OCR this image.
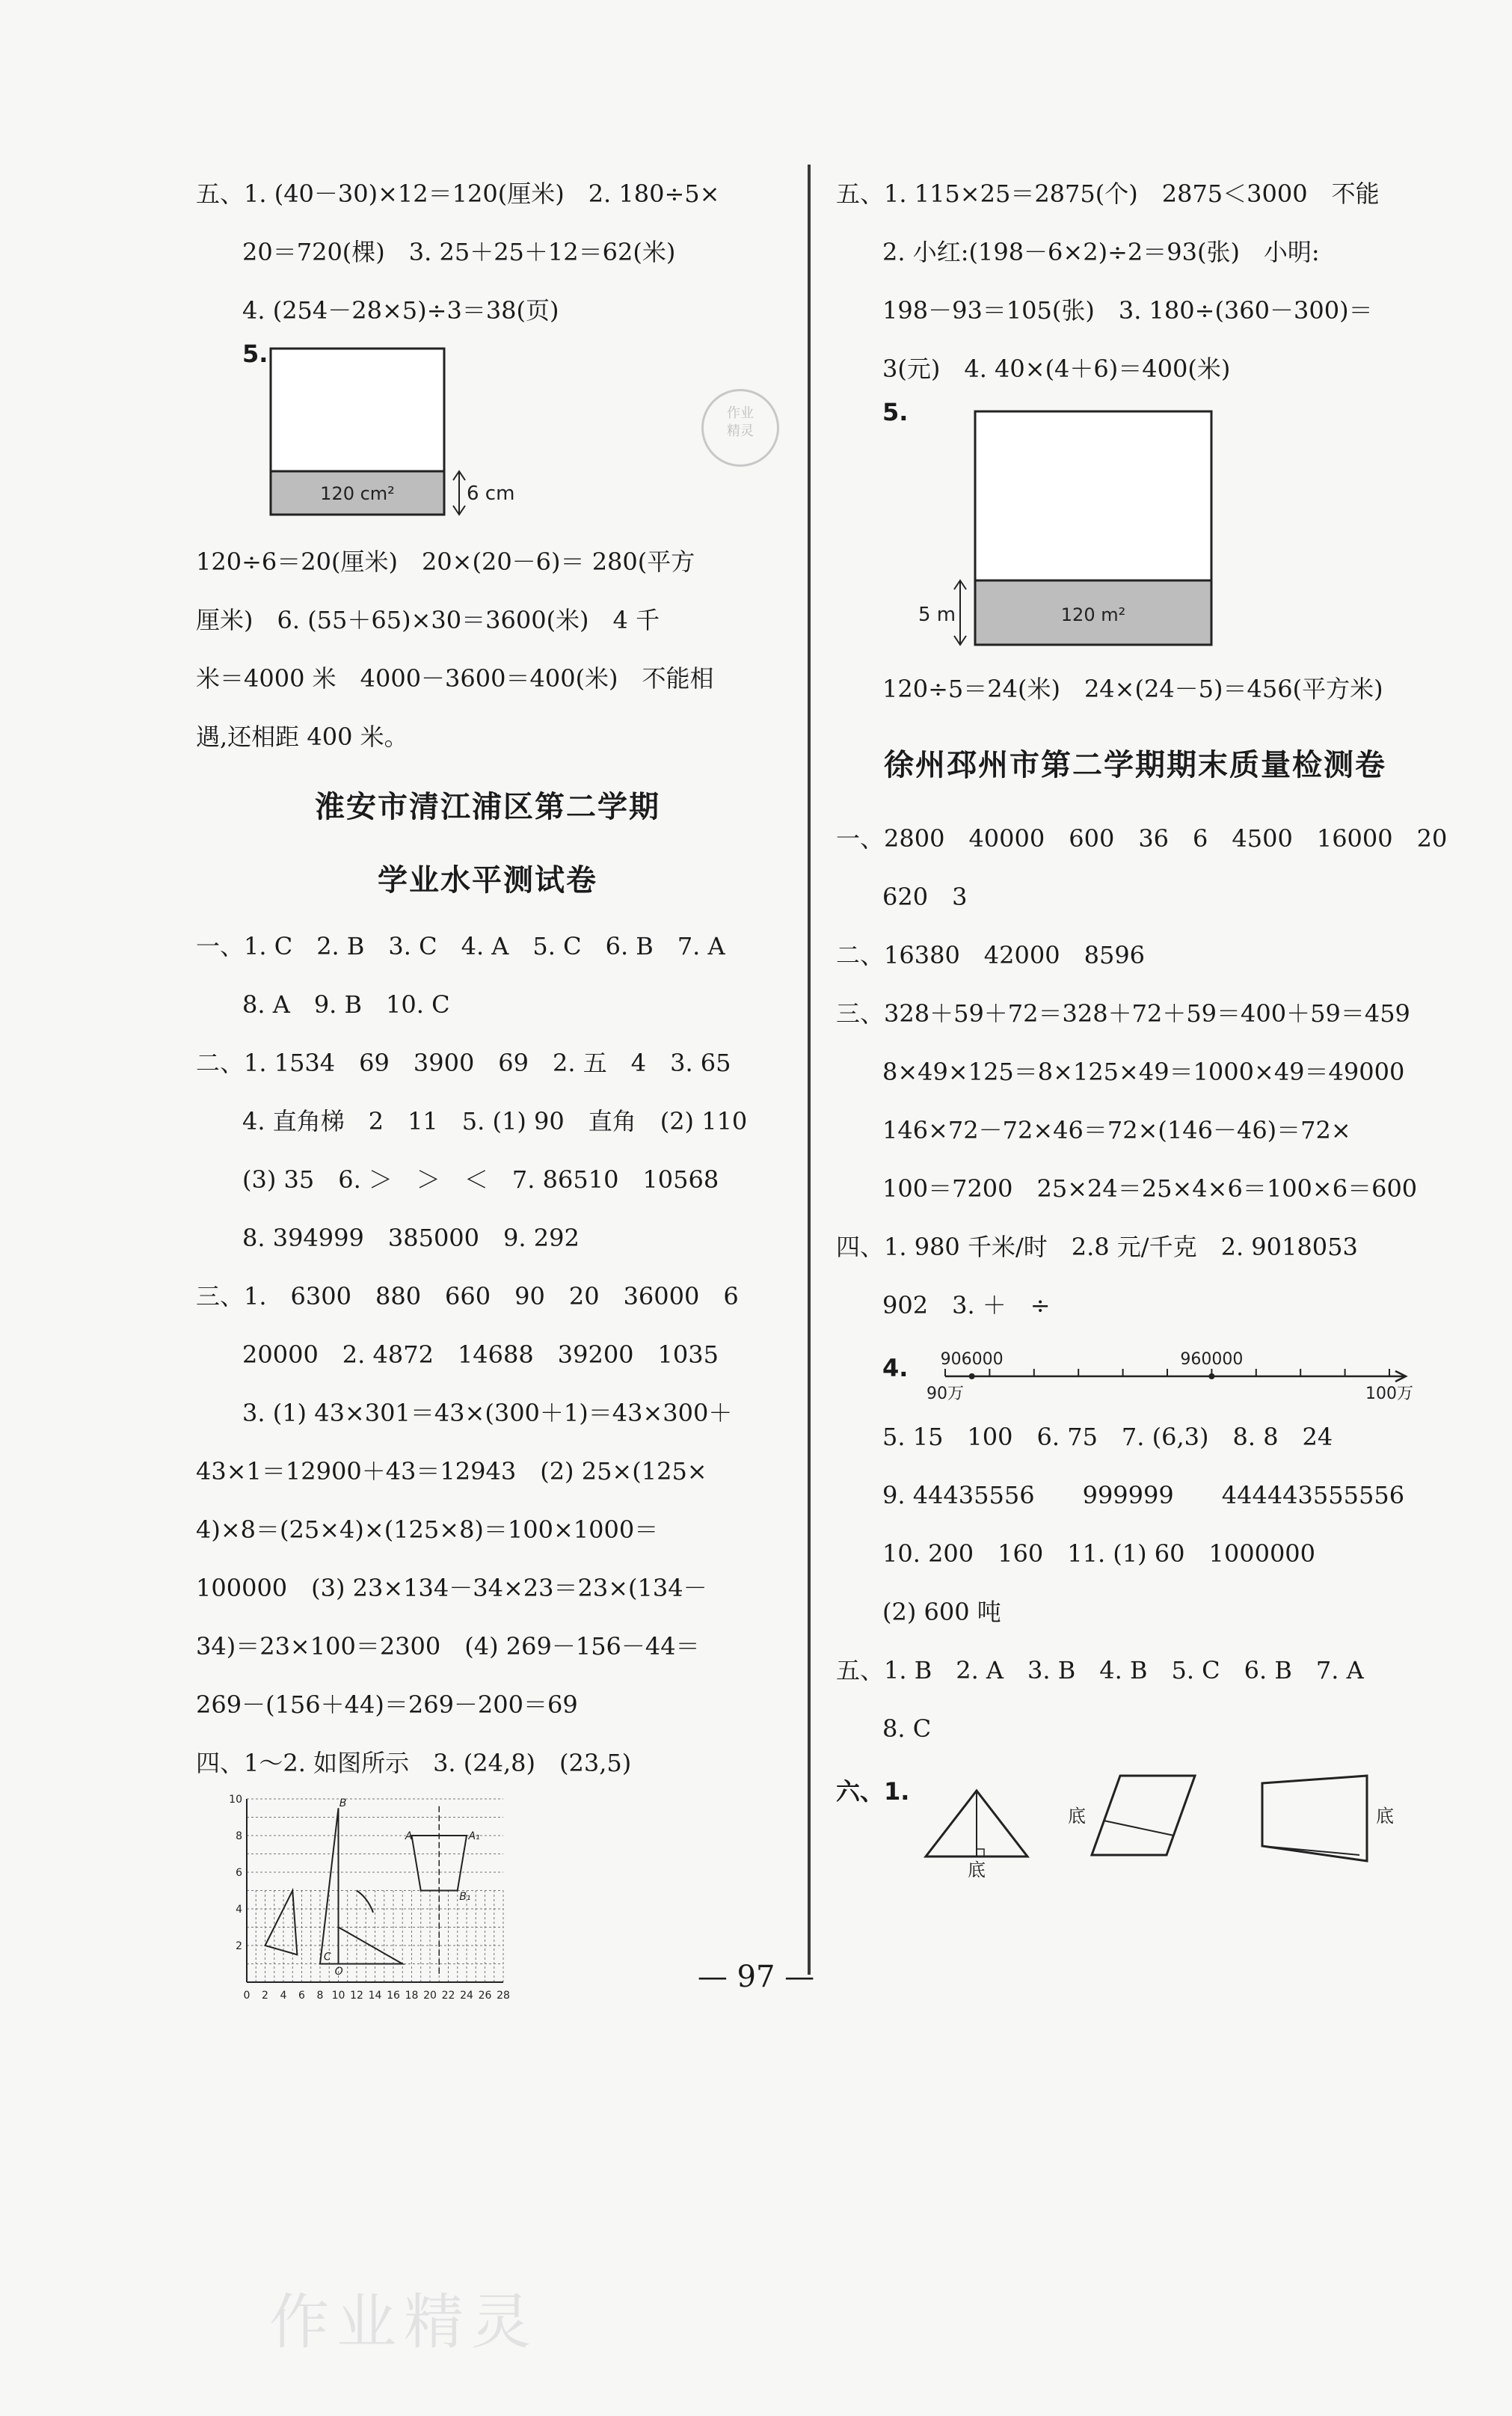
五、1. (40－30)×12＝120(厘米)　2. 180÷5×
20＝720(棵)　3. 25＋25＋12＝62(米)
4. (254－28×5)÷3＝38(页)
5.
120 cm²	6 cm
120÷6＝20(厘米)　20×(20－6)＝ 280(平方
厘米)　6. (55＋65)×30＝3600(米)　4 千
米＝4000 米　4000－3600＝400(米)　不能相
遇,还相距 400 米。
淮安市清江浦区第二学期
学业水平测试卷
一、1. C　2. B　3. C　4. A　5. C　6. B　7. A
8. A　9. B　10. C
二、1. 1534　69　3900　69　2. 五　4　3. 65
4. 直角梯　2　11　5. (1) 90　直角　(2) 110
(3) 35　6. ＞　＞　＜　7. 86510　10568
8. 394999　385000　9. 292
三、1.　6300　880　660　90　20　36000　6
20000　2. 4872　14688　39200　1035
3. (1) 43×301＝43×(300＋1)＝43×300＋
43×1＝12900＋43＝12943　(2) 25×(125×
4)×8＝(25×4)×(125×8)＝100×1000＝
100000　(3) 23×134－34×23＝23×(134－
34)＝23×100＝2300　(4) 269－156－44＝
269－(156＋44)＝269－200＝69
四、1～2. 如图所示　3. (24,8)　(23,5)
0 2 4 6 8 10 12 14 16 18 20 22 24 26 28
10
8
6
4
2
A
B
C
O
A₁
B₁
作业
精灵
五、1. 115×25＝2875(个)　2875＜3000　不能
2. 小红:(198－6×2)÷2＝93(张)　小明:
198－93＝105(张)　3. 180÷(360－300)＝
3(元)　4. 40×(4＋6)＝400(米)
5.
120 m²
5 m
120÷5＝24(米)　24×(24－5)＝456(平方米)
徐州邳州市第二学期期末质量检测卷
一、2800　40000　600　36　6　4500　16000　20
620　3
二、16380　42000　8596
三、328＋59＋72＝328＋72＋59＝400＋59＝459
8×49×125＝8×125×49＝1000×49＝49000
146×72－72×46＝72×(146－46)＝72×
100＝7200　25×24＝25×4×6＝100×6＝600
四、1. 980 千米/时　2.8 元/千克　2. 9018053
902　3. ＋　÷
4. 906000	960000
90万	100万
5. 15　100　6. 75　7. (6,3)　8. 8　24
9. 44435556　　999999　　444443555556
10. 200　160　11. (1) 60　1000000
(2) 600 吨
五、1. B　2. A　3. B　4. B　5. C　6. B　7. A
8. C
六、1.
底
底	底
— 97 —
作业精灵
